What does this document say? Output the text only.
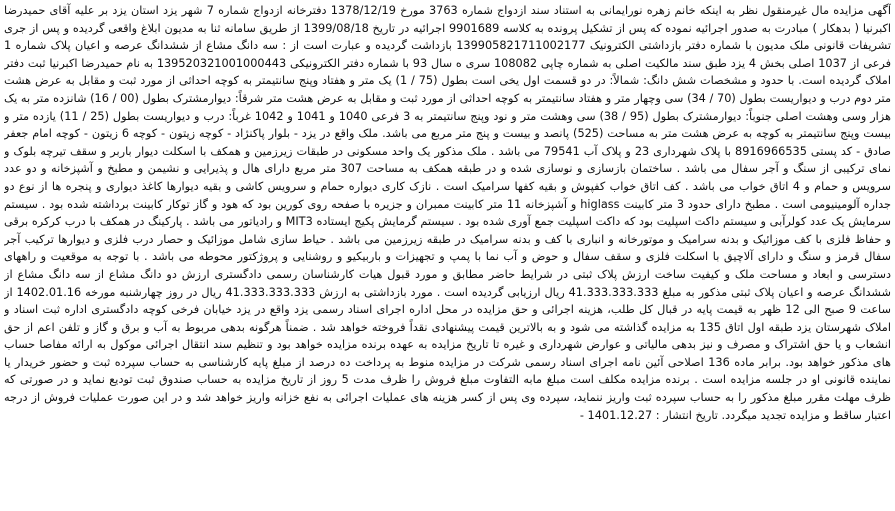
آگهی مزایده مال غیرمنقول نظر به اینکه خانم زهره نورایمانی به استناد سند ازدواج شماره 3763 مورخ 1378/12/19 دفترخانه ازدواج شماره 7 شهر یزد استان یزد بر علیه آقای حمیدرضا اکبرنیا ( بدهکار ) مبادرت به صدور اجرائیه نموده که پس از تشکیل پرونده به کلاسه 9901689 اجرائیه در تاریخ 1399/08/18 از طریق سامانه ثنا به مدیون ابلاغ واقعی گردیده و پس از جری تشریفات قانونی ملک مدیون با شماره دفتر بازداشتی الکترونیک 139905821711002177 بازداشت گردیده و عبارت است از : سه دانگ مشاع از ششدانگ عرصه و اعیان پلاک شماره 1 فرعی از 1037 اصلی بخش 4 یزد طبق سند مالکیت اصلی به شماره چاپی 108082 سری ه سال 93 با شماره دفتر الکترونیکی 139520321001000443 به نام حمیدرضا اکبرنیا ثبت دفتر املاک گردیده است. با حدود و مشخصات شش دانگ: شمالاً: در دو قسمت اول یخی است بطول (75 / 1) یک متر و هفتاد وپنج سانتیمتر به کوچه احداثی از مورد ثبت و مقابل به عرض هشت متر دوم درب و دیواریست بطول (70 / 34) سی وچهار متر و هفتاد سانتیمتر به کوچه احداثی از مورد ثبت و مقابل به عرض هشت متر شرقاً: دیوارمشترک بطول (00 / 16) شانزده متر به یک هزار وسی وهشت اصلی جنوباً: دیوارمشترک بطول (95 / 38) سی وهشت متر و نود وپنج سانتیمتر به 3 فرعی 1040 و 1041 و 1042 غرباً: درب و دیواریست بطول (25 / 11) یازده متر و بیست وپنج سانتیمتر به کوچه به عرض هشت متر به مساحت (525) پانصد و بیست و پنج متر مربع می باشد. ملک واقع در یزد - بلوار پاکنژاد - کوچه زیتون - کوچه 6 زیتون - کوچه امام جعفر صادق - کد پستی 8916966535 با پلاک شهرداری 23 و پلاک آب 79541 می باشد . ملک مذکور یک واحد مسکونی در طبقات زیرزمین و همکف با اسکلت دیوار باربر و سقف تیرچه بلوک و نمای ترکیبی از سنگ و آجر سفال می باشد . ساختمان بازسازی و نوسازی شده و در طبقه همکف به مساحت 307 متر مربع دارای هال و پذیرایی و نشیمن و مطبخ و آشپزخانه و دو عدد سرویس و حمام و 4 اتاق خواب می باشد . کف اتاق خواب کفپوش و بقیه کفها سرامیک است . نازک کاری دیواره حمام و سرویس کاشی و بقیه دیوارها کاغذ دیواری و پنجره ها از نوع دو جداره آلومینیومی است . مطبخ دارای حدود 3 متر کابینت higlass و آشپزخانه 11 متر کابینت ممبران و جزیره با صفحه روی کورین بود که هود و گاز توکار کابینت برداشته شده بود . سیستم سرمایش یک عدد کولرآبی و سیستم داکت اسپلیت بود که داکت اسپلیت جمع آوری شده بود . سیستم گرمایش پکیج ایستاده MIT3 و رادیاتور می باشد . پارکینگ در همکف با درب کرکره برقی و حفاظ فلزی با کف موزائیک و بدنه سرامیک و موتورخانه و انباری با کف و بدنه سرامیک در طبقه زیرزمین می باشد . حیاط سازی شامل موزائیک و حصار درب فلزی و دیوارها ترکیب آجر سفال قرمز و سنگ و دارای آلاچیق با اسکلت فلزی و سقف سفال و حوض و آب نما با پمپ و تجهیزات و باربیکیو و روشنایی و پروژکتور محوطه می باشد . با توجه به موقعیت و راههای دسترسی و ابعاد و مساحت ملک و کیفیت ساخت ارزش پلاک ثبتی در شرایط حاضر مطابق و مورد قبول هیات کارشناسان رسمی دادگستری ارزش دو دانگ مشاع از سه دانگ مشاع از ششدانگ عرصه و اعیان پلاک ثبتی مذکور به مبلغ 41.333.333.333 ریال ارزیابی گردیده است . مورد بازداشتی به ارزش 41.333.333.333 ریال در روز چهارشنبه مورخه 1402.01.16 از ساعت 9 صبح الی 12 ظهر به قیمت پایه در قبال کل طلب، هزینه اجرائی و حق مزایده در محل اداره اجرای اسناد رسمی یزد واقع در یزد خیابان فرخی کوچه دادگستری اداره ثبت اسناد و املاک شهرستان یزد طبقه اول اتاق 135 به مزایده گذاشته می شود و به بالاترین قیمت پیشنهادی نقداً فروخته خواهد شد . ضمناً هرگونه بدهی مربوط به آب و برق و گاز و تلفن اعم از حق انشعاب و یا حق اشتراک و مصرف و نیز بدهی مالیاتی و عوارض شهرداری و غیره تا تاریخ مزایده به عهده برنده مزایده خواهد بود و تنظیم سند انتقال اجرائی موکول به ارائه مفاصا حساب های مذکور خواهد بود. برابر ماده 136 اصلاحی آئین نامه اجرای اسناد رسمی شرکت در مزایده منوط به پرداخت ده درصد از مبلغ پایه کارشناسی به حساب سپرده ثبت و حضور خریدار یا نماینده قانونی او در جلسه مزایده است . برنده مزایده مکلف است مبلغ مابه التفاوت مبلغ فروش را ظرف مدت 5 روز از تاریخ مزایده به حساب صندوق ثبت تودیع نماید و در صورتی که ظرف مهلت مقرر مبلغ مذکور را به حساب سپرده ثبت واریز ننماید، سپرده وی پس از کسر هزینه های عملیات اجرائی به نفع خزانه واریز خواهد شد و در این صورت عملیات فروش از درجه اعتبار ساقط و مزایده تجدید میگردد. تاریخ انتشار : 1401.12.27 -
